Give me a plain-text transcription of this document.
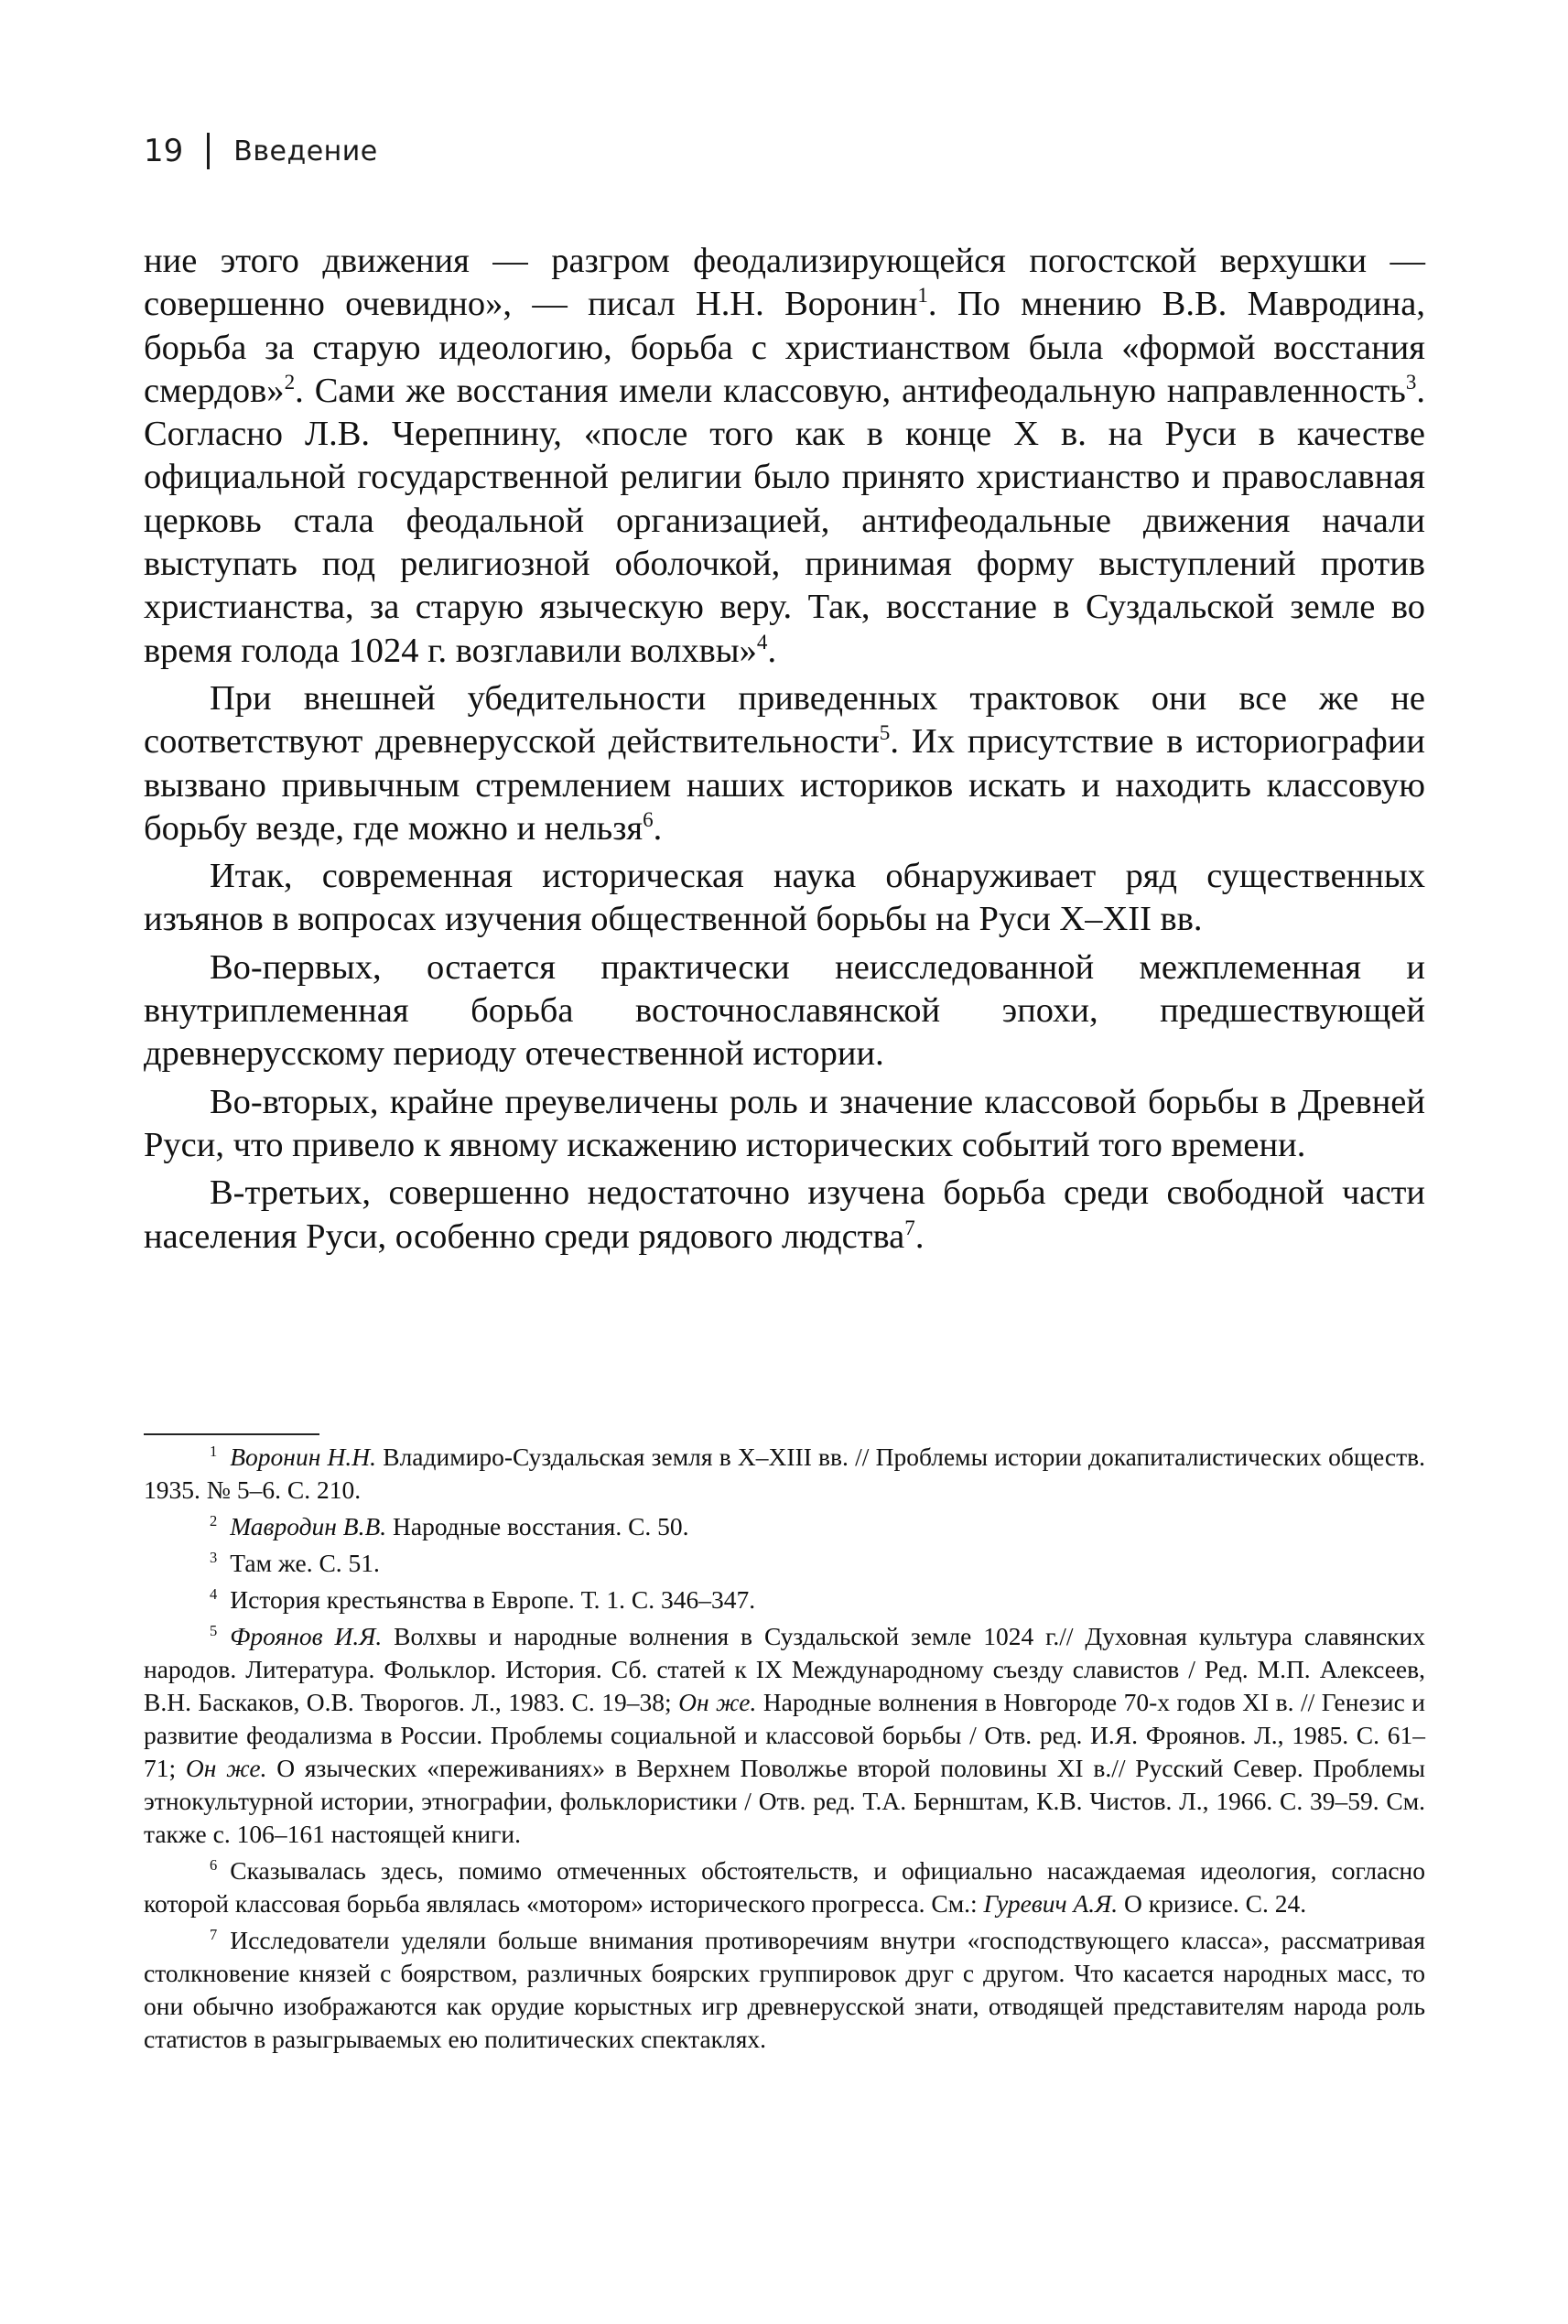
19 Введение

ние этого движения — разгром феодализирующейся погостской верхушки — совершенно очевидно», — писал Н.Н. Воронин$^1$. По мнению В.В. Мавродина, борьба за старую идеологию, борьба с христианством была «формой восстания смердов»$^2$. Сами же восстания имели классовую, антифеодальную направленность$^3$. Согласно Л.В. Черепнину, «после того как в конце X в. на Руси в качестве официальной государственной религии было принято христианство и православная церковь стала феодальной организацией, антифеодальные движения начали выступать под религиозной оболочкой, принимая форму выступлений против христианства, за старую языческую веру. Так, восстание в Суздальской земле во время голода 1024 г. возглавили волхвы»$^4$.

При внешней убедительности приведенных трактовок они все же не соответствуют древнерусской действительности$^5$. Их присутствие в историографии вызвано привычным стремлением наших историков искать и находить классовую борьбу везде, где можно и нельзя$^6$.

Итак, современная историческая наука обнаруживает ряд существенных изъянов в вопросах изучения общественной борьбы на Руси X–XII вв.

Во-первых, остается практически неисследованной межплеменная и внутриплеменная борьба восточнославянской эпохи, предшествующей древнерусскому периоду отечественной истории.

Во-вторых, крайне преувеличены роль и значение классовой борьбы в Древней Руси, что привело к явному искажению исторических событий того времени.

В-третьих, совершенно недостаточно изучена борьба среди свободной части населения Руси, особенно среди рядового людства$^7$.

$^1$ Воронин Н.Н. Владимиро-Суздальская земля в X–XIII вв. // Проблемы истории докапиталистических обществ. 1935. № 5–6. С. 210.

$^2$ Мавродин В.В. Народные восстания. С. 50.

$^3$ Там же. С. 51.

$^4$ История крестьянства в Европе. Т. 1. С. 346–347.

$^5$ Фроянов И.Я. Волхвы и народные волнения в Суздальской земле 1024 г.// Духовная культура славянских народов. Литература. Фольклор. История. Сб. статей к IX Международному съезду славистов / Ред. М.П. Алексеев, В.Н. Баскаков, О.В. Творогов. Л., 1983. С. 19–38; Он же. Народные волнения в Новгороде 70-х годов XI в. // Генезис и развитие феодализма в России. Проблемы социальной и классовой борьбы / Отв. ред. И.Я. Фроянов. Л., 1985. С. 61–71; Он же. О языческих «переживаниях» в Верхнем Поволжье второй половины XI в.// Русский Север. Проблемы этнокультурной истории, этнографии, фольклористики / Отв. ред. Т.А. Бернштам, К.В. Чистов. Л., 1966. С. 39–59. См. также с. 106–161 настоящей книги.

$^6$ Сказывалась здесь, помимо отмеченных обстоятельств, и официально насаждаемая идеология, согласно которой классовая борьба являлась «мотором» исторического прогресса. См.: Гуревич А.Я. О кризисе. С. 24.

$^7$ Исследователи уделяли больше внимания противоречиям внутри «господствующего класса», рассматривая столкновение князей с боярством, различных боярских группировок друг с другом. Что касается народных масс, то они обычно изображаются как орудие корыстных игр древнерусской знати, отводящей представителям народа роль статистов в разыгрываемых ею политических спектаклях.
